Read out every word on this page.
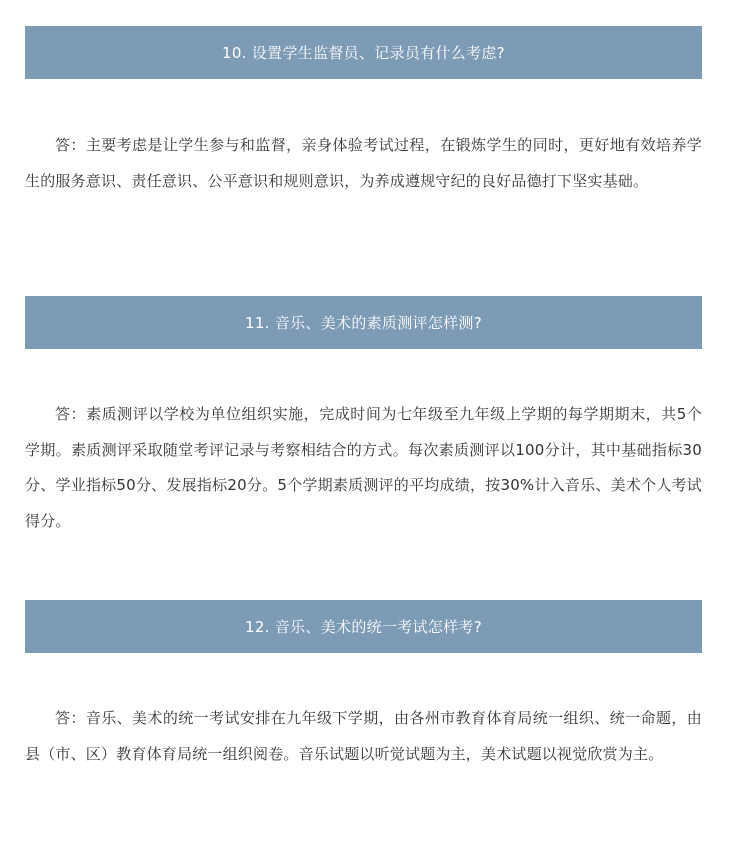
10. 设置学生监督员、记录员有什么考虑?

答：主要考虑是让学生参与和监督，亲身体验考试过程，在锻炼学生的同时，更好地有效培养学生的服务意识、责任意识、公平意识和规则意识，为养成遵规守纪的良好品德打下坚实基础。

11. 音乐、美术的素质测评怎样测?

答：素质测评以学校为单位组织实施，完成时间为七年级至九年级上学期的每学期期末，共5个学期。素质测评采取随堂考评记录与考察相结合的方式。每次素质测评以100分计，其中基础指标30分、学业指标50分、发展指标20分。5个学期素质测评的平均成绩，按30%计入音乐、美术个人考试得分。

12. 音乐、美术的统一考试怎样考?

答：音乐、美术的统一考试安排在九年级下学期，由各州市教育体育局统一组织、统一命题，由县（市、区）教育体育局统一组织阅卷。音乐试题以听觉试题为主，美术试题以视觉欣赏为主。
